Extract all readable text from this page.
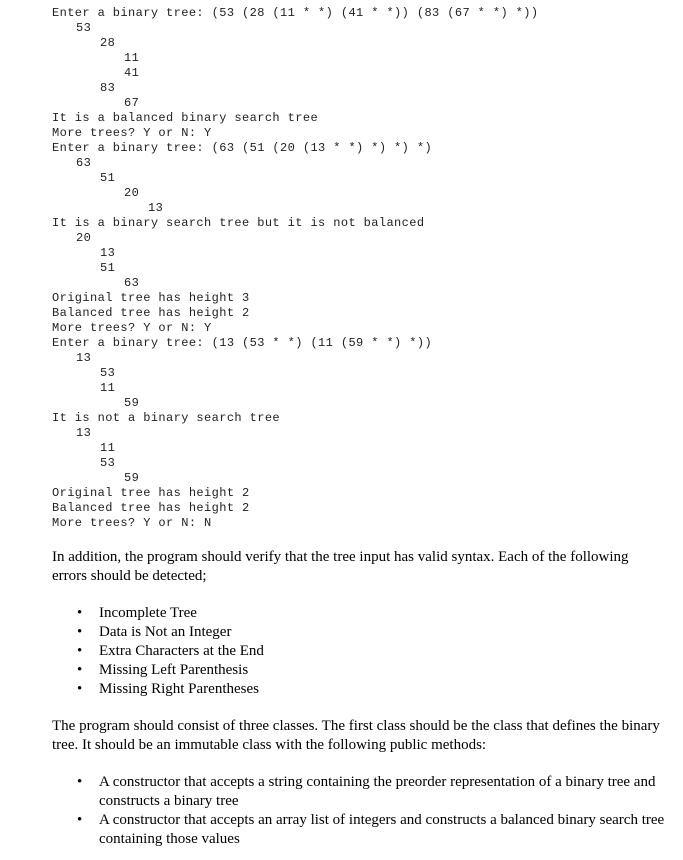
Enter a binary tree: (53 (28 (11 * *) (41 * *)) (83 (67 * *) *))
53
28
11
41
83
67
It is a balanced binary search tree
More trees? Y or N: Y
Enter a binary tree: (63 (51 (20 (13 * *) *) *) *)
63
51
20
13
It is a binary search tree but it is not balanced
20
13
51
63
Original tree has height 3
Balanced tree has height 2
More trees? Y or N: Y
Enter a binary tree: (13 (53 * *) (11 (59 * *) *))
13
53
11
59
It is not a binary search tree
13
11
53
59
Original tree has height 2
Balanced tree has height 2
More trees? Y or N: N

In addition, the program should verify that the tree input has valid syntax. Each of the following errors should be detected;

•	Incomplete Tree
•	Data is Not an Integer
•	Extra Characters at the End
•	Missing Left Parenthesis
•	Missing Right Parentheses

The program should consist of three classes. The first class should be the class that defines the binary tree. It should be an immutable class with the following public methods:

•	A constructor that accepts a string containing the preorder representation of a binary tree and constructs a binary tree
•	A constructor that accepts an array list of integers and constructs a balanced binary search tree containing those values
